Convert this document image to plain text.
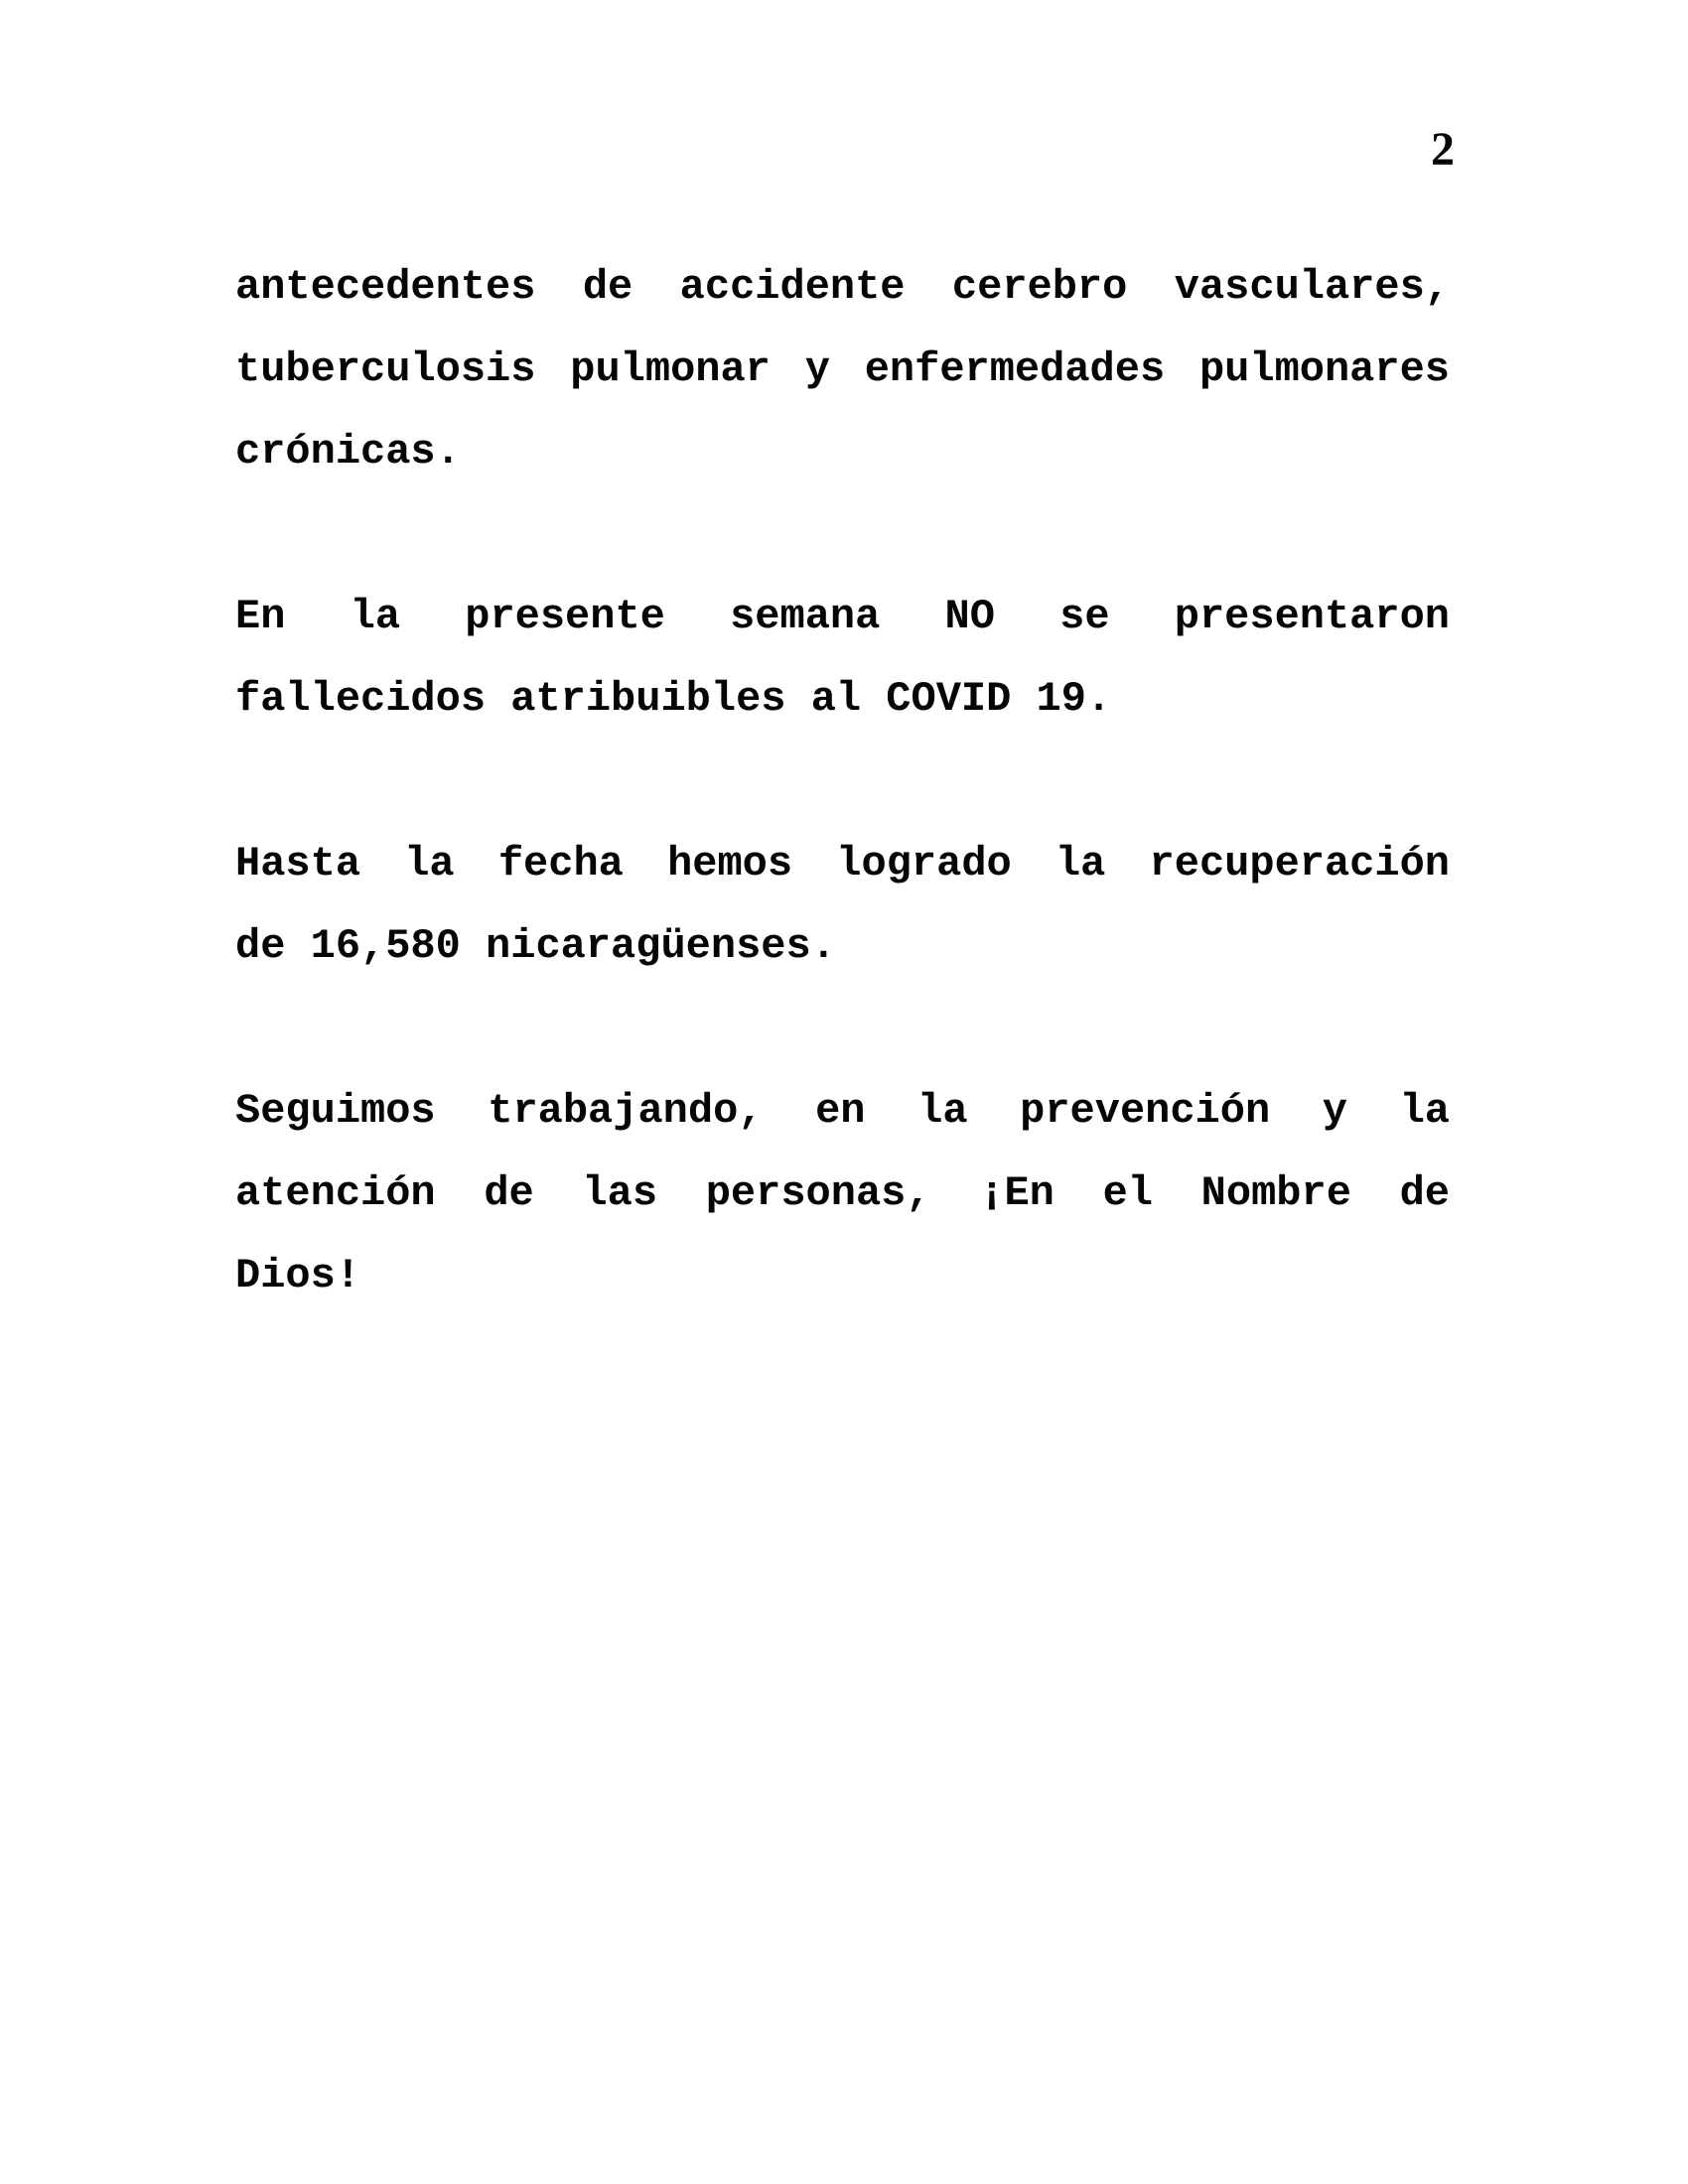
2

antecedentes de accidente cerebro vasculares,
tuberculosis pulmonar y enfermedades pulmonares
crónicas.

En la presente semana NO se presentaron
fallecidos atribuibles al COVID 19.

Hasta la fecha hemos logrado la recuperación
de 16,580 nicaragüenses.

Seguimos trabajando, en la prevención y la
atención de las personas, ¡En el Nombre de
Dios!
